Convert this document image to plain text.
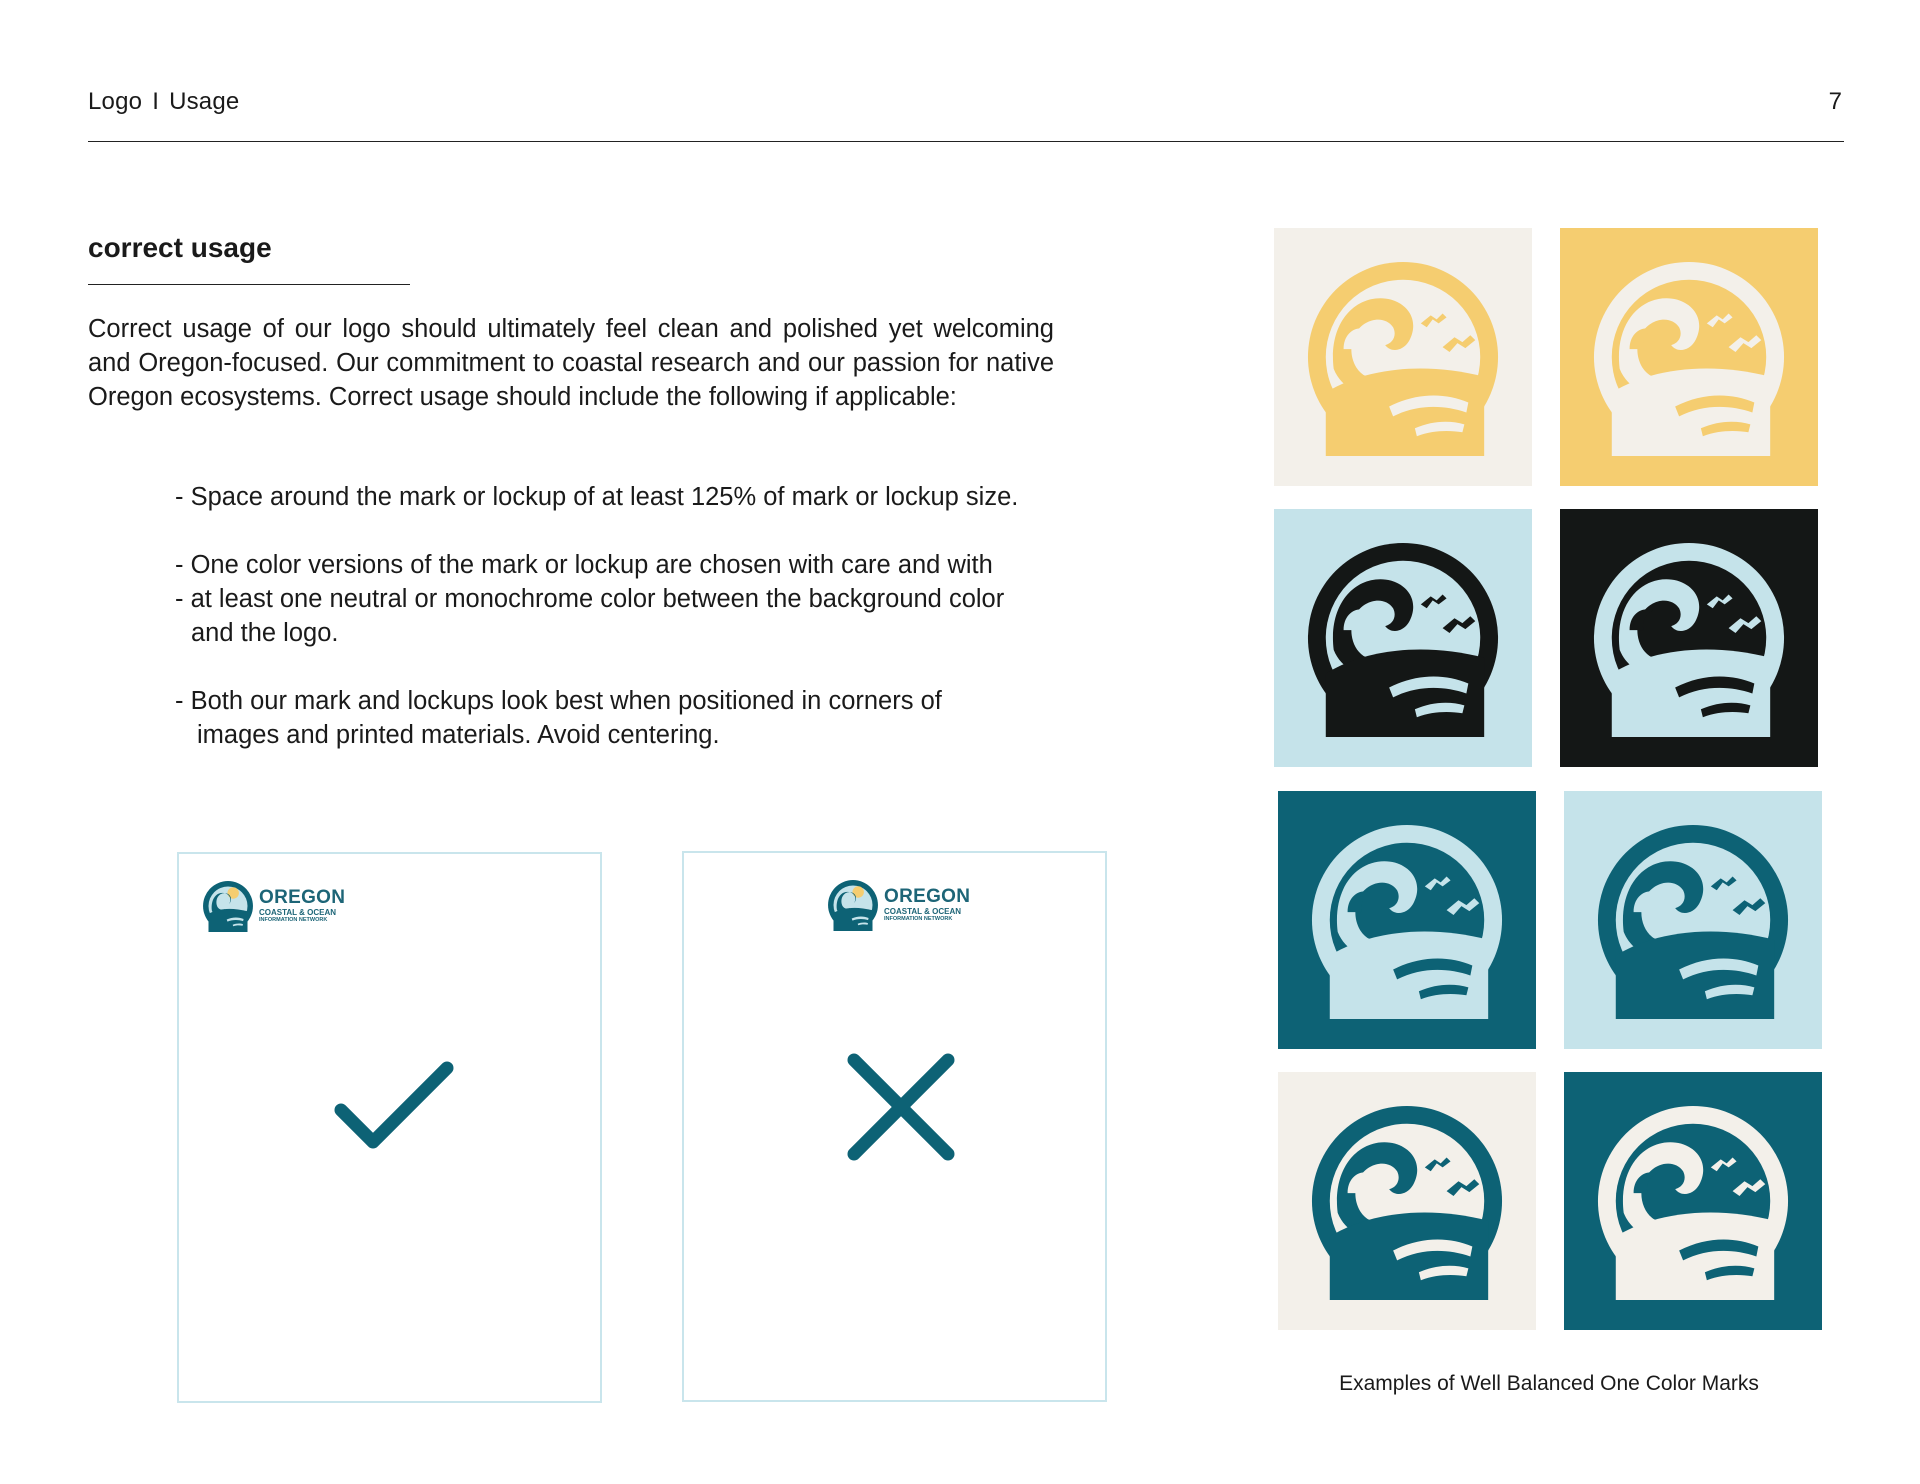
Logo I Usage	7
correct usage
Correct usage of our logo should ultimately feel clean and polished yet welcoming and Oregon-focused. Our commitment to coastal research and our passion for native Oregon ecosystems. Correct usage should include the following if applicable:

- Space around the mark or lockup of at least 125% of mark or lockup size.

- One color versions of the mark or lockup are chosen with care and with
- at least one neutral or monochrome color between the background color
and the logo.

- Both our mark and lockups look best when positioned in corners of
images and printed materials. Avoid centering.

OREGON
COASTAL & OCEAN
INFORMATION NETWORK
OREGON
COASTAL & OCEAN
INFORMATION NETWORK
Examples of Well Balanced One Color Marks
